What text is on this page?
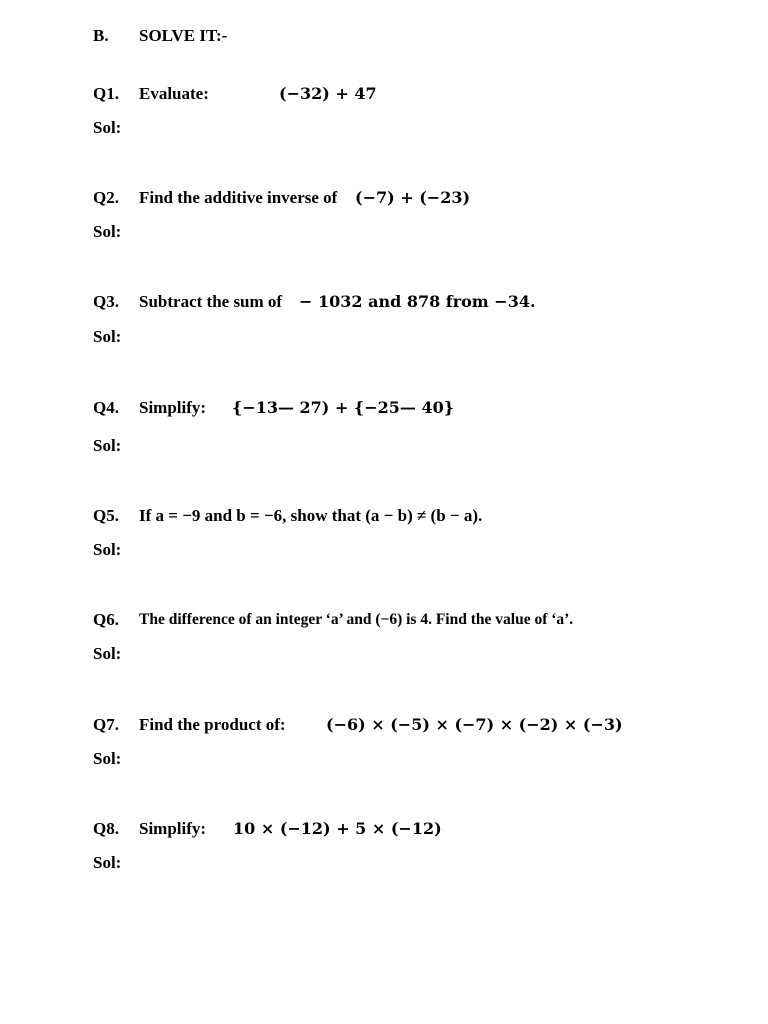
B. SOLVE IT:-
Q1. Evaluate:	(−32) + 47
Sol:
Q2. Find the additive inverse of (−7) + (−23)
Sol:
Q3. Subtract the sum of − 1032 and 878 from −34.
Sol:
Q4. Simplify: {−13— 27) + {−25— 40}
Sol:
Q5. If a = −9 and b = −6, show that (a − b) ≠ (b − a).
Sol:
Q6. The difference of an integer ‘a’ and (−6) is 4. Find the value of ‘a’.
Sol:
Q7. Find the product of:	(−6) × (−5) × (−7) × (−2) × (−3)
Sol:
Q8. Simplify: 10 × (−12) + 5 × (−12)
Sol:
